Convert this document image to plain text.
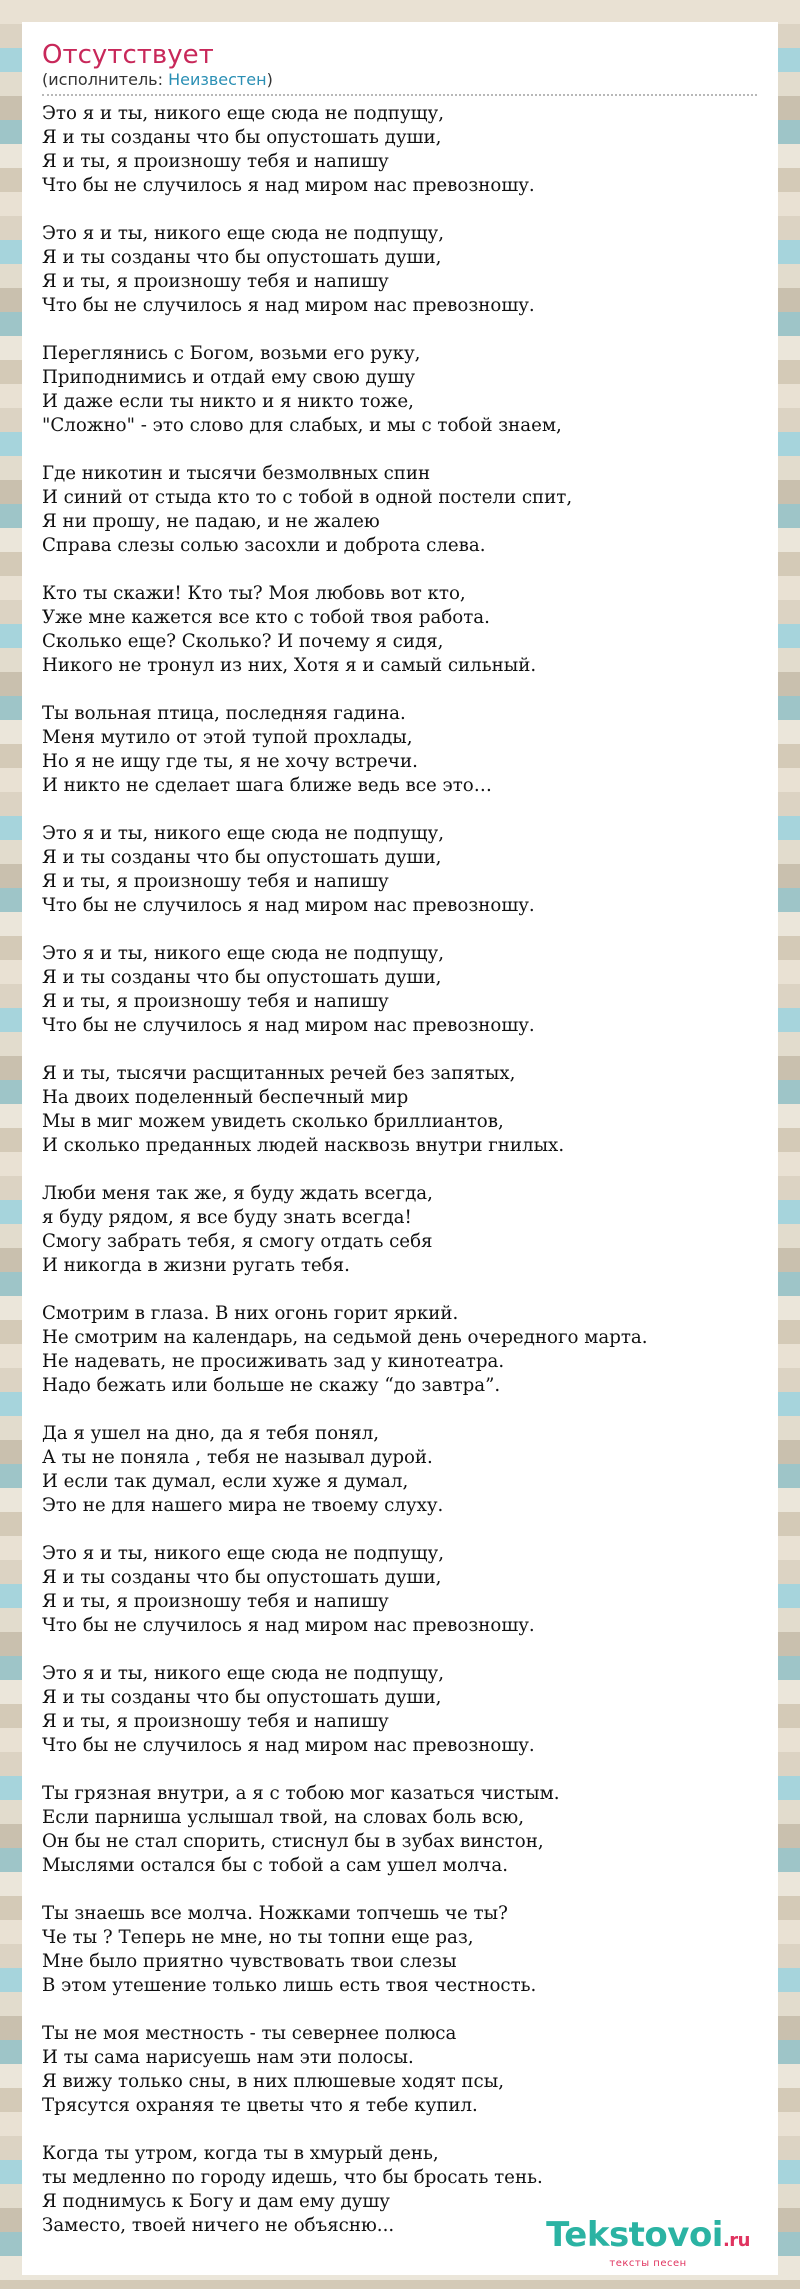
Отсутствует
(исполнитель: Неизвестен)
Это я и ты, никого еще сюда не подпущу,
Я и ты созданы что бы опустошать души,
Я и ты, я произношу тебя и напишу
Что бы не случилось я над миром нас превозношу.
Это я и ты, никого еще сюда не подпущу,
Я и ты созданы что бы опустошать души,
Я и ты, я произношу тебя и напишу
Что бы не случилось я над миром нас превозношу.
Переглянись с Богом, возьми его руку,
Приподнимись и отдай ему свою душу
И даже если ты никто и я никто тоже,
"Сложно" - это слово для слабых, и мы с тобой знаем,
Где никотин и тысячи безмолвных спин
И синий от стыда кто то с тобой в одной постели спит,
Я ни прошу, не падаю, и не жалею
Справа слезы солью засохли и доброта слева.
Кто ты скажи! Кто ты? Моя любовь вот кто,
Уже мне кажется все кто с тобой твоя работа.
Сколько еще? Сколько? И почему я сидя,
Никого не тронул из них, Хотя я и самый сильный.
Ты вольная птица, последняя гадина.
Меня мутило от этой тупой прохлады,
Но я не ищу где ты, я не хочу встречи.
И никто не сделает шага ближе ведь все это…
Это я и ты, никого еще сюда не подпущу,
Я и ты созданы что бы опустошать души,
Я и ты, я произношу тебя и напишу
Что бы не случилось я над миром нас превозношу.
Это я и ты, никого еще сюда не подпущу,
Я и ты созданы что бы опустошать души,
Я и ты, я произношу тебя и напишу
Что бы не случилось я над миром нас превозношу.
Я и ты, тысячи расщитанных речей без запятых,
На двоих поделенный беспечный мир
Мы в миг можем увидеть сколько бриллиантов,
И сколько преданных людей насквозь внутри гнилых.
Люби меня так же, я буду ждать всегда,
я буду рядом, я все буду знать всегда!
Смогу забрать тебя, я смогу отдать себя
И никогда в жизни ругать тебя.
Смотрим в глаза. В них огонь горит яркий.
Не смотрим на календарь, на седьмой день очередного марта.
Не надевать, не просиживать зад у кинотеатра.
Надо бежать или больше не скажу “до завтра”.
Да я ушел на дно, да я тебя понял,
А ты не поняла , тебя не называл дурой.
И если так думал, если хуже я думал,
Это не для нашего мира не твоему слуху.
Это я и ты, никого еще сюда не подпущу,
Я и ты созданы что бы опустошать души,
Я и ты, я произношу тебя и напишу
Что бы не случилось я над миром нас превозношу.
Это я и ты, никого еще сюда не подпущу,
Я и ты созданы что бы опустошать души,
Я и ты, я произношу тебя и напишу
Что бы не случилось я над миром нас превозношу.
Ты грязная внутри, а я с тобою мог казаться чистым.
Если парниша услышал твой, на словах боль всю,
Он бы не стал спорить, стиснул бы в зубах винстон,
Мыслями остался бы с тобой а сам ушел молча.
Ты знаешь все молча. Ножками топчешь че ты?
Че ты ? Теперь не мне, но ты топни еще раз,
Мне было приятно чувствовать твои слезы
В этом утешение только лишь есть твоя честность.
Ты не моя местность - ты севернее полюса
И ты сама нарисуешь нам эти полосы.
Я вижу только сны, в них плюшевые ходят псы,
Трясутся охраняя те цветы что я тебе купил.
Когда ты утром, когда ты в хмурый день,
ты медленно по городу идешь, что бы бросать тень.
Я поднимусь к Богу и дам ему душу
Заместо, твоей ничего не объясню...	Tekstovoi.ru
тексты песен
